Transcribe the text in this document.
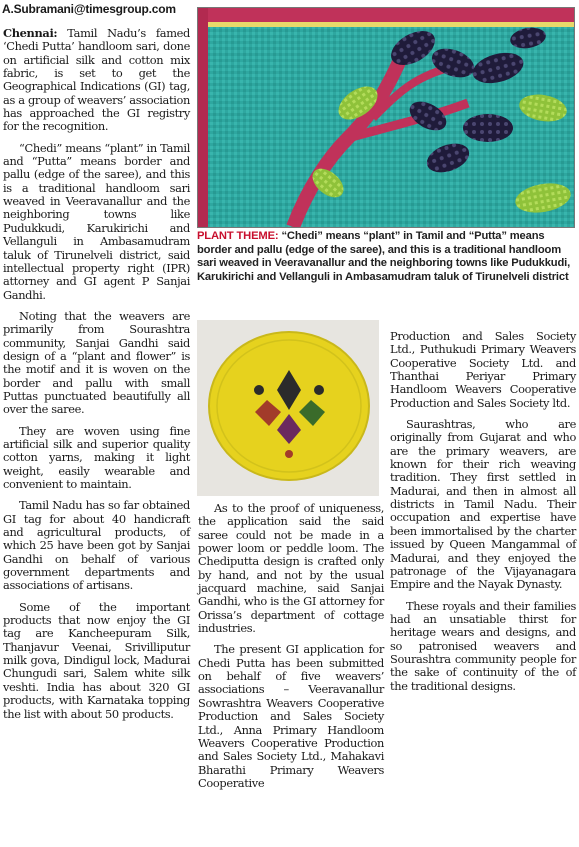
A.Subramani@timesgroup.com

Chennai: Tamil Nadu’s famed ‘Chedi Putta’ handloom sari, done on artificial silk and cotton mix fabric, is set to get the Geographical Indications (GI) tag, as a group of weavers’ association has approached the GI registry for the recognition.

“Chedi” means “plant” in Tamil and “Putta” means border and pallu (edge of the saree), and this is a traditional handloom sari weaved in Veeravanallur and the neighboring towns like Pudukkudi, Karukirichi and Vellanguli in Ambasamudram taluk of Tirunelveli district, said intellectual property right (IPR) attorney and GI agent P Sanjai Gandhi.

Noting that the weavers are primarily from Sourashtra community, Sanjai Gandhi said design of a “plant and flower” is the motif and it is woven on the border and pallu with small Puttas punctuated beautifully all over the saree.

They are woven using fine artificial silk and superior quality cotton yarns, making it light weight, easily wearable and convenient to maintain.

Tamil Nadu has so far obtained GI tag for about 40 handicraft and agricultural products, of which 25 have been got by Sanjai Gandhi on behalf of various government departments and associations of artisans.

Some of the important products that now enjoy the GI tag are Kancheepuram Silk, Thanjavur Veenai, Srivilliputur milk gova, Dindigul lock, Madurai Chungudi sari, Salem white silk veshti. India has about 320 GI products, with Karnataka topping the list with about 50 products.

PLANT THEME: “Chedi” means “plant” in Tamil and “Putta” means border and pallu (edge of the saree), and this is a traditional handloom sari weaved in Veeravanallur and the neighboring towns like Pudukkudi, Karukirichi and Vellanguli in Ambasamudram taluk of Tirunelveli district

As to the proof of uniqueness, the application said the said saree could not be made in a power loom or peddle loom. The Chediputta design is crafted only by hand, and not by the usual jacquard machine, said Sanjai Gandhi, who is the GI attorney for Orissa’s department of cottage industries.

The present GI application for Chedi Putta has been submitted on behalf of five weavers’ associations – Veeravanallur Sowrashtra Weavers Cooperative Production and Sales Society Ltd., Anna Primary Handloom Weavers Cooperative Production and Sales Society Ltd., Mahakavi Bharathi Primary Weavers Cooperative

Production and Sales Society Ltd., Puthukudi Primary Weavers Cooperative Society Ltd. and Thanthai Periyar Primary Handloom Weavers Cooperative Production and Sales Society ltd.

Saurashtras, who are originally from Gujarat and who are the primary weavers, are known for their rich weaving tradition. They first settled in Madurai, and then in almost all districts in Tamil Nadu. Their occupation and expertise have been immortalised by the charter issued by Queen Mangammal of Madurai, and they enjoyed the patronage of the Vijayanagara Empire and the Nayak Dynasty.

These royals and their families had an unsatiable thirst for heritage wears and designs, and so patronised weavers and Sourashtra community people for the sake of continuity of the of the traditional designs.
